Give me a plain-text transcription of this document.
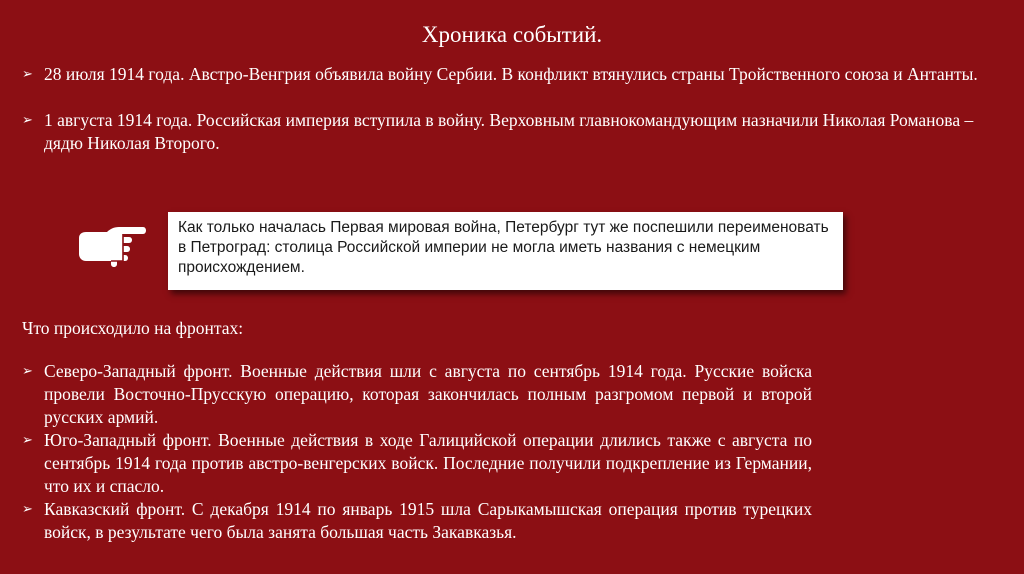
Хроника событий.
➢ 28 июля 1914 года. Австро-Венгрия объявила войну Сербии. В конфликт втянулись страны Тройственного союза и Антанты.
➢ 1 августа 1914 года. Российская империя вступила в войну. Верховным главнокомандующим назначили Николая Романова – дядю Николая Второго.
Как только началась Первая мировая война, Петербург тут же поспешили переименовать в Петроград: столица Российской империи не могла иметь названия с немецким происхождением.
Что происходило на фронтах:
➢ Северо-Западный фронт. Военные действия шли с августа по сентябрь 1914 года. Русские войска провели Восточно-Прусскую операцию, которая закончилась полным разгромом первой и второй русских армий.
➢ Юго-Западный фронт. Военные действия в ходе Галицийской операции длились также с августа по сентябрь 1914 года против австро-венгерских войск. Последние получили подкрепление из Германии, что их и спасло.
➢ Кавказский фронт. С декабря 1914 по январь 1915 шла Сарыкамышская операция против турецких войск, в результате чего была занята большая часть Закавказья.
